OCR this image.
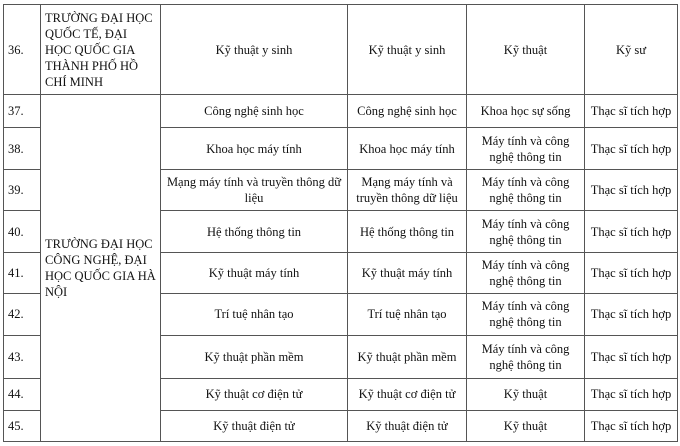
36.	TRƯỜNG ĐẠI HỌC QUỐC TẾ, ĐẠI HỌC QUỐC GIA THÀNH PHỐ HỒ CHÍ MINH	Kỹ thuật y sinh	Kỹ thuật y sinh	Kỹ thuật	Kỹ sư
37.	TRƯỜNG ĐẠI HỌC CÔNG NGHỆ, ĐẠI HỌC QUỐC GIA HÀ NỘI	Công nghệ sinh học	Công nghệ sinh học	Khoa học sự sống	Thạc sĩ tích hợp
38.		Khoa học máy tính	Khoa học máy tính	Máy tính và công nghệ thông tin	Thạc sĩ tích hợp
39.		Mạng máy tính và truyền thông dữ liệu	Mạng máy tính và truyền thông dữ liệu	Máy tính và công nghệ thông tin	Thạc sĩ tích hợp
40.		Hệ thống thông tin	Hệ thống thông tin	Máy tính và công nghệ thông tin	Thạc sĩ tích hợp
41.		Kỹ thuật máy tính	Kỹ thuật máy tính	Máy tính và công nghệ thông tin	Thạc sĩ tích hợp
42.		Trí tuệ nhân tạo	Trí tuệ nhân tạo	Máy tính và công nghệ thông tin	Thạc sĩ tích hợp
43.		Kỹ thuật phần mềm	Kỹ thuật phần mềm	Máy tính và công nghệ thông tin	Thạc sĩ tích hợp
44.		Kỹ thuật cơ điện tử	Kỹ thuật cơ điện tử	Kỹ thuật	Thạc sĩ tích hợp
45.		Kỹ thuật điện tử	Kỹ thuật điện tử	Kỹ thuật	Thạc sĩ tích hợp
